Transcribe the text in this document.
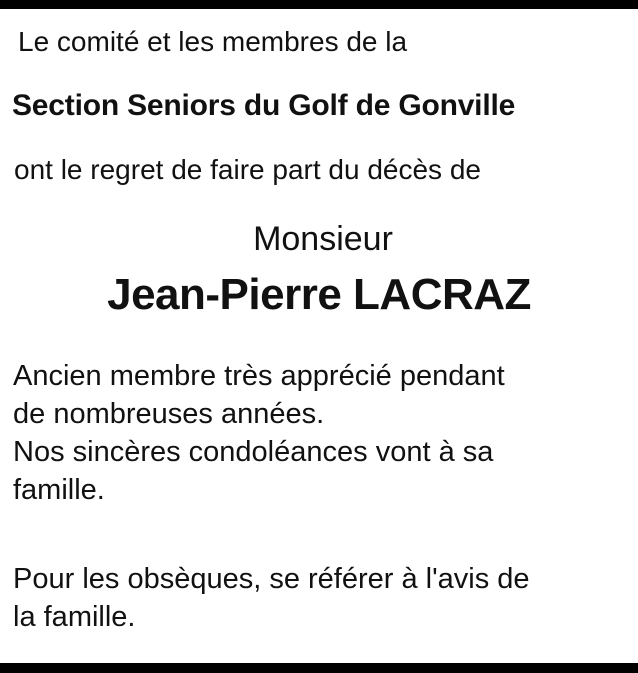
Le comité et les membres de la
Section Seniors du Golf de Gonville
ont le regret de faire part du décès de
Monsieur
Jean-Pierre LACRAZ
Ancien membre très apprécié pendant
de nombreuses années.
Nos sincères condoléances vont à sa
famille.
Pour les obsèques, se référer à l'avis de
la famille.
